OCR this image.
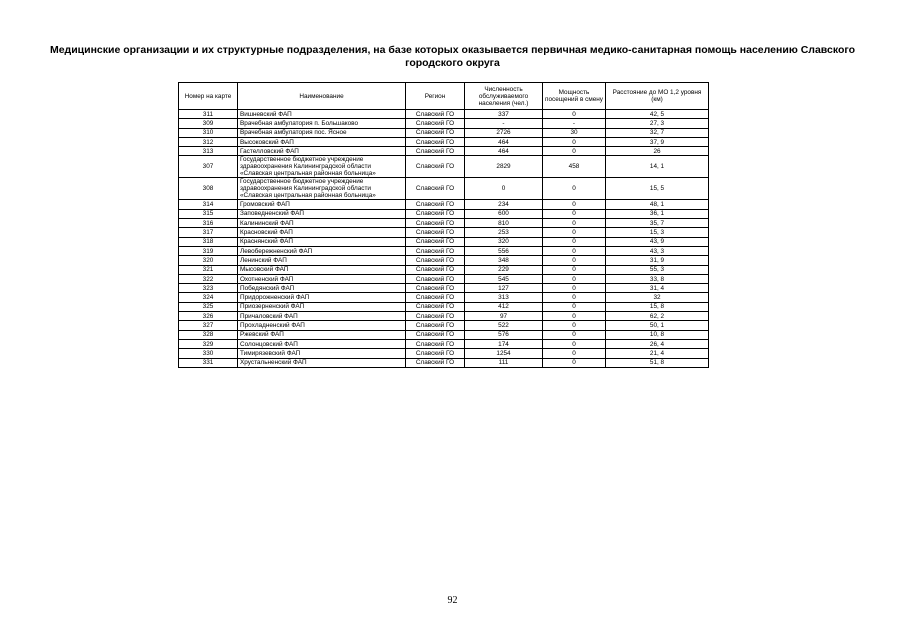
Медицинские организации и их структурные подразделения, на базе которых оказывается первичная медико-санитарная помощь населению Славского городского округа
Номер на карте	Наименование	Регион	Численность обслуживаемого населения (чел.)	Мощность посещений в смену	Расстояние до МО 1,2 уровня (км)
311	Вишневский ФАП	Славский ГО	337	0	42, 5
309	Врачебная амбулатория п. Большаково	Славский ГО	-	-	27, 3
310	Врачебная амбулатория пос. Ясное	Славский ГО	2726	30	32, 7
312	Высоковский ФАП	Славский ГО	464	0	37, 9
313	Гастелловский ФАП	Славский ГО	464	0	26
307	Государственное бюджетное учреждение здравоохранения Калининградской области «Славская центральная районная больница»	Славский ГО	2829	458	14, 1
308	Государственное бюджетное учреждение здравоохранения Калининградской области «Славская центральная районная больница»	Славский ГО	0	0	15, 5
314	Громовский ФАП	Славский ГО	234	0	48, 1
315	Заповедненский ФАП	Славский ГО	600	0	36, 1
316	Калининский ФАП	Славский ГО	810	0	35, 7
317	Красновский ФАП	Славский ГО	253	0	15, 3
318	Краснянский ФАП	Славский ГО	320	0	43, 9
319	Левобережненский ФАП	Славский ГО	556	0	43, 3
320	Ленинский ФАП	Славский ГО	348	0	31, 9
321	Мысовский ФАП	Славский ГО	229	0	55, 3
322	Охотненский ФАП	Славский ГО	545	0	33, 8
323	Победянский ФАП	Славский ГО	127	0	31, 4
324	Придорожненский ФАП	Славский ГО	313	0	32
325	Приозерненский ФАП	Славский ГО	412	0	15, 8
326	Причаловский ФАП	Славский ГО	97	0	62, 2
327	Прохладненский ФАП	Славский ГО	522	0	50, 1
328	Ржевский ФАП	Славский ГО	576	0	10, 8
329	Солонцовский ФАП	Славский ГО	174	0	26, 4
330	Тимирязевский ФАП	Славский ГО	1254	0	21, 4
331	Хрустальненский ФАП	Славский ГО	111	0	51, 8
92
